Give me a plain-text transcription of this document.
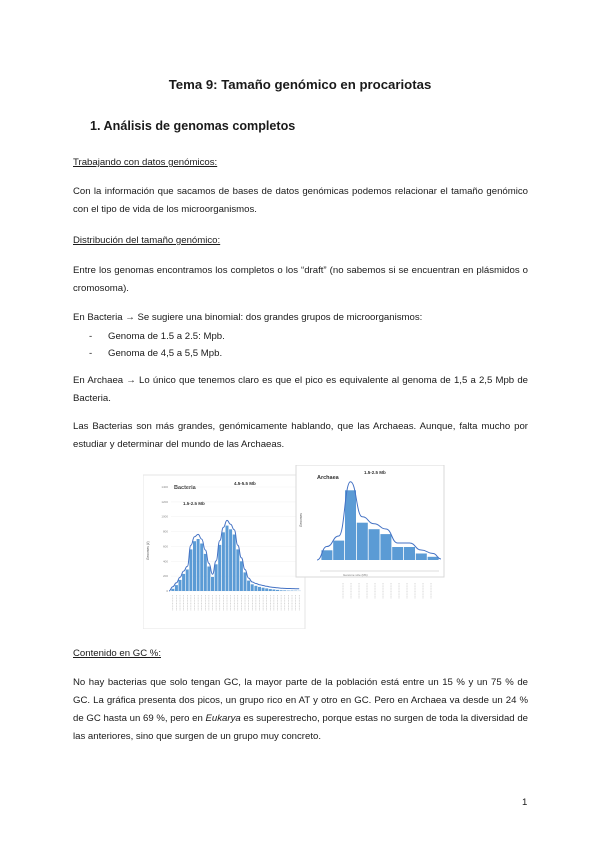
Tema 9: Tamaño genómico en procariotas
1. Análisis de genomas completos
Trabajando con datos genómicos:
Con la información que sacamos de bases de datos genómicas podemos relacionar el tamaño genómico con el tipo de vida de los microorganismos.
Distribución del tamaño genómico:
Entre los genomas encontramos los completos o los “draft” (no sabemos si se encuentran en plásmidos o cromosoma).
En Bacteria → Se sugiere una binomial: dos grandes grupos de microorganismos:
- Genoma de 1.5 a 2.5: Mpb.
- Genoma de 4,5 a 5,5 Mpb.
En Archaea → Lo único que tenemos claro es que el pico es equivalente al genoma de 1,5 a 2,5 Mpb de Bacteria.
Las Bacterias son más grandes, genómicamente hablando, que las Archaeas. Aunque, falta mucho por estudiar y determinar del mundo de las Archaeas.
Bacteria
1.5-2.5 Mb
4.5-5.5 Mb
Genomes (#)
0
200
400
600
800
1000
1200
1400
Archaea
1.5-2.5 Mb
Genomes
Genome size (Mb)
Contenido en GC %:
No hay bacterias que solo tengan GC, la mayor parte de la población está entre un 15 % y un 75 % de GC. La gráfica presenta dos picos, un grupo rico en AT y otro en GC. Pero en Archaea va desde un 24 % de GC hasta un 69 %, pero en Eukarya es superestrecho, porque estas no surgen de toda la diversidad de las anteriores, sino que surgen de un grupo muy concreto.
1
